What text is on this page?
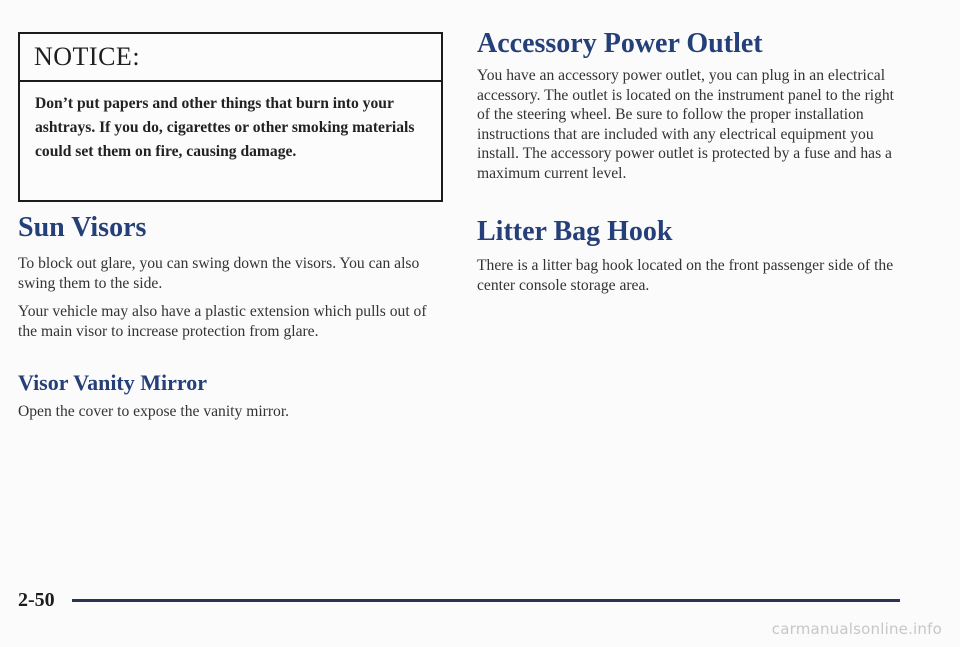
NOTICE:
Don’t put papers and other things that burn into your ashtrays. If you do, cigarettes or other smoking materials could set them on fire, causing damage.
Sun Visors

To block out glare, you can swing down the visors. You can also swing them to the side.

Your vehicle may also have a plastic extension which pulls out of the main visor to increase protection from glare.

Visor Vanity Mirror

Open the cover to expose the vanity mirror.

Accessory Power Outlet

You have an accessory power outlet, you can plug in an electrical accessory. The outlet is located on the instrument panel to the right of the steering wheel. Be sure to follow the proper installation instructions that are included with any electrical equipment you install. The accessory power outlet is protected by a fuse and has a maximum current level.

Litter Bag Hook

There is a litter bag hook located on the front passenger side of the center console storage area.

2-50
carmanualsonline.info
